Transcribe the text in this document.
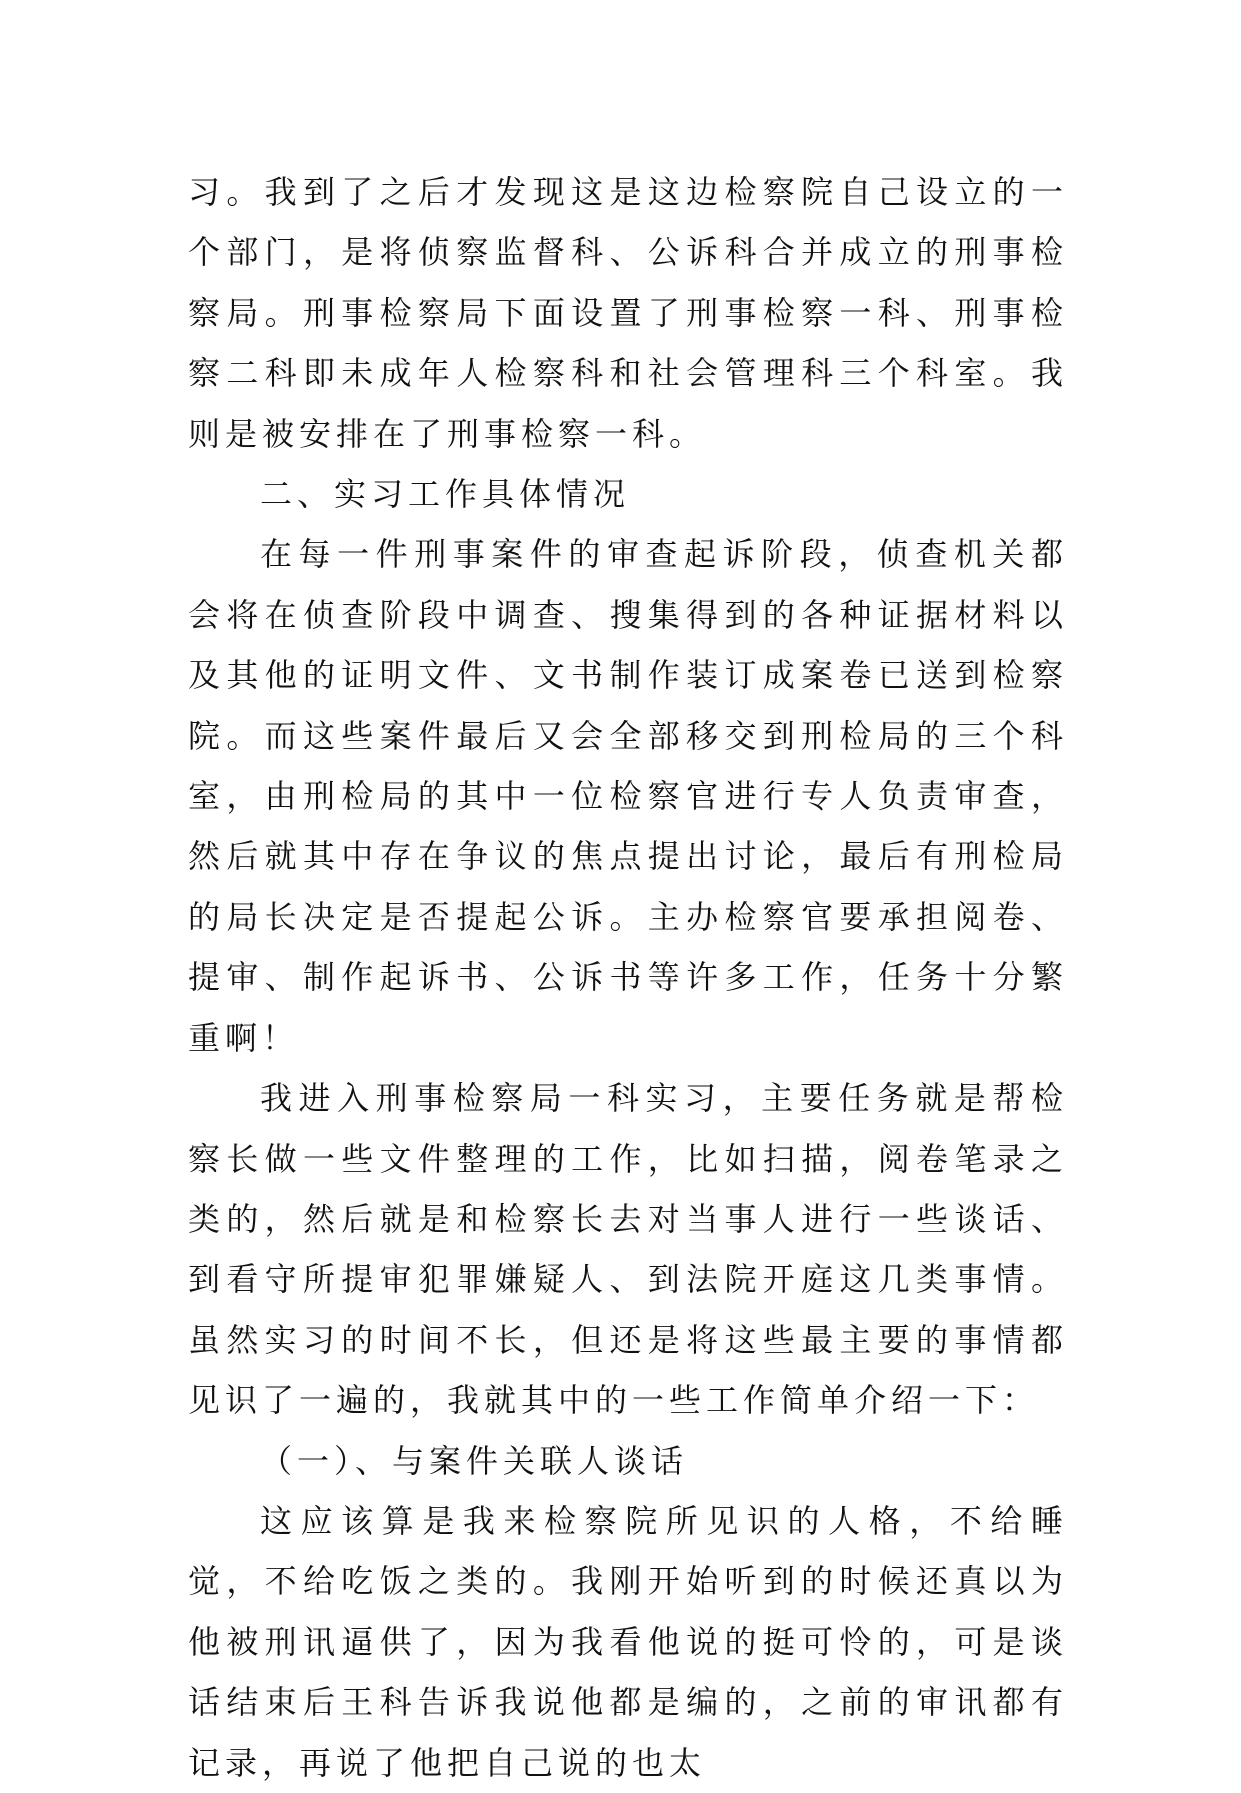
习。我到了之后才发现这是这边检察院自己设立的一个部门，是将侦察监督科、公诉科合并成立的刑事检察局。刑事检察局下面设置了刑事检察一科、刑事检察二科即未成年人检察科和社会管理科三个科室。我则是被安排在了刑事检察一科。

二、实习工作具体情况

在每一件刑事案件的审查起诉阶段，侦查机关都会将在侦查阶段中调查、搜集得到的各种证据材料以及其他的证明文件、文书制作装订成案卷已送到检察院。而这些案件最后又会全部移交到刑检局的三个科室，由刑检局的其中一位检察官进行专人负责审查，然后就其中存在争议的焦点提出讨论，最后有刑检局的局长决定是否提起公诉。主办检察官要承担阅卷、提审、制作起诉书、公诉书等许多工作，任务十分繁重啊！

我进入刑事检察局一科实习，主要任务就是帮检察长做一些文件整理的工作，比如扫描，阅卷笔录之类的，然后就是和检察长去对当事人进行一些谈话、到看守所提审犯罪嫌疑人、到法院开庭这几类事情。虽然实习的时间不长，但还是将这些最主要的事情都见识了一遍的，我就其中的一些工作简单介绍一下：

（一）、与案件关联人谈话

这应该算是我来检察院所见识的人格，不给睡觉，不给吃饭之类的。我刚开始听到的时候还真以为他被刑讯逼供了，因为我看他说的挺可怜的，可是谈话结束后王科告诉我说他都是编的，之前的审讯都有记录，再说了他把自己说的也太
